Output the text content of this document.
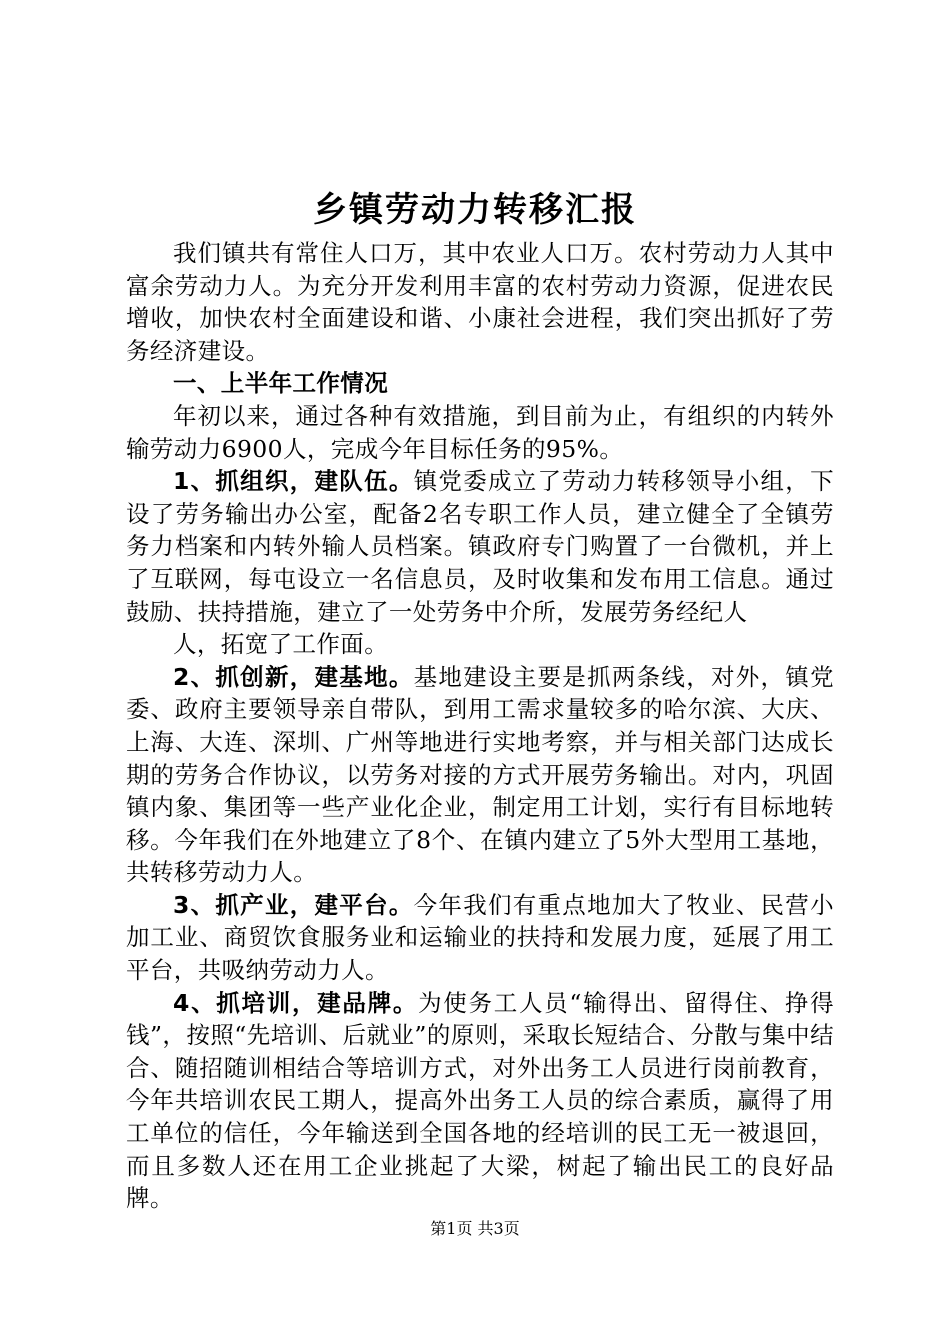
乡镇劳动力转移汇报

我们镇共有常住人口万，其中农业人口万。农村劳动力人其中富余劳动力人。为充分开发利用丰富的农村劳动力资源，促进农民增收，加快农村全面建设和谐、小康社会进程，我们突出抓好了劳务经济建设。

一、上半年工作情况

年初以来，通过各种有效措施，到目前为止，有组织的内转外输劳动力6900人，完成今年目标任务的95%。

1、抓组织，建队伍。镇党委成立了劳动力转移领导小组，下设了劳务输出办公室，配备2名专职工作人员，建立健全了全镇劳务力档案和内转外输人员档案。镇政府专门购置了一台微机，并上了互联网，每屯设立一名信息员，及时收集和发布用工信息。通过鼓励、扶持措施，建立了一处劳务中介所，发展劳务经纪人

人，拓宽了工作面。

2、抓创新，建基地。基地建设主要是抓两条线，对外，镇党委、政府主要领导亲自带队，到用工需求量较多的哈尔滨、大庆、上海、大连、深圳、广州等地进行实地考察，并与相关部门达成长期的劳务合作协议，以劳务对接的方式开展劳务输出。对内，巩固镇内象、集团等一些产业化企业，制定用工计划，实行有目标地转移。今年我们在外地建立了8个、在镇内建立了5外大型用工基地，共转移劳动力人。

3、抓产业，建平台。今年我们有重点地加大了牧业、民营小加工业、商贸饮食服务业和运输业的扶持和发展力度，延展了用工平台，共吸纳劳动力人。

4、抓培训，建品牌。为使务工人员“输得出、留得住、挣得钱”，按照“先培训、后就业”的原则，采取长短结合、分散与集中结合、随招随训相结合等培训方式，对外出务工人员进行岗前教育，今年共培训农民工期人，提高外出务工人员的综合素质，赢得了用工单位的信任，今年输送到全国各地的经培训的民工无一被退回，而且多数人还在用工企业挑起了大梁，树起了输出民工的良好品牌。

第1页 共3页
